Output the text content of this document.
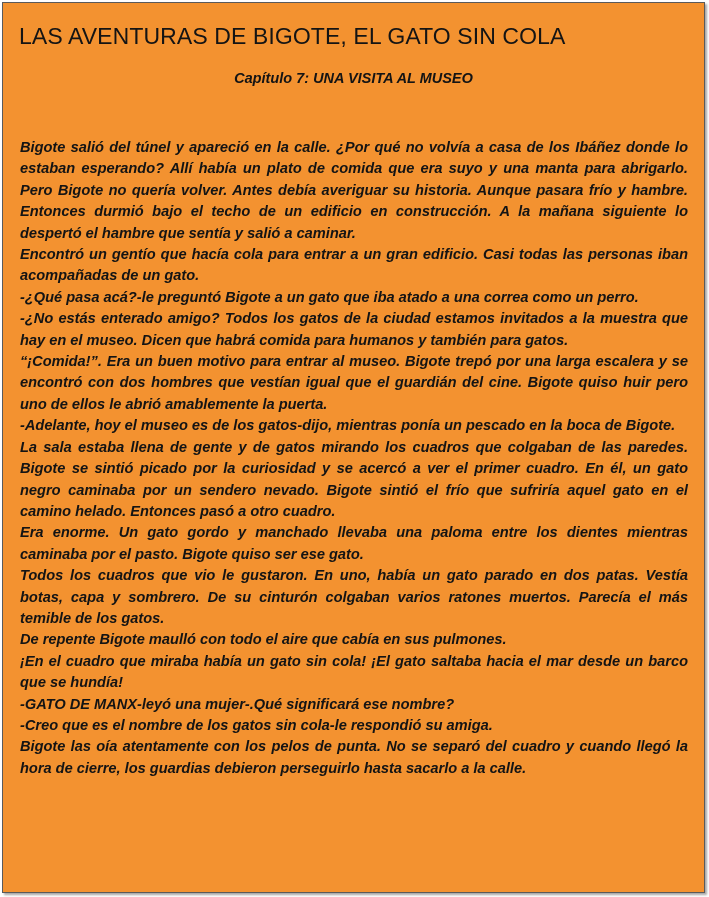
LAS AVENTURAS DE BIGOTE, EL GATO SIN COLA
Capítulo 7: UNA VISITA AL MUSEO

Bigote salió del túnel y apareció en la calle. ¿Por qué no volvía a casa de los Ibáñez donde lo estaban esperando? Allí había un plato de comida que era suyo y una manta para abrigarlo. Pero Bigote no quería volver. Antes debía averiguar su historia. Aunque pasara frío y hambre. Entonces durmió bajo el techo de un edificio en construcción. A la mañana siguiente lo despertó el hambre que sentía y salió a caminar.

Encontró un gentío que hacía cola para entrar a un gran edificio. Casi todas las personas iban acompañadas de un gato.

-¿Qué pasa acá?-le preguntó Bigote a un gato que iba atado a una correa como un perro.

-¿No estás enterado amigo? Todos los gatos de la ciudad estamos invitados a la muestra que hay en el museo. Dicen que habrá comida para humanos y también para gatos.

“¡Comida!”. Era un buen motivo para entrar al museo. Bigote trepó por una larga escalera y se encontró con dos hombres que vestían igual que el guardián del cine. Bigote quiso huir pero uno de ellos le abrió amablemente la puerta.

-Adelante, hoy el museo es de los gatos-dijo, mientras ponía un pescado en la boca de Bigote.

La sala estaba llena de gente y de gatos mirando los cuadros que colgaban de las paredes. Bigote se sintió picado por la curiosidad y se acercó a ver el primer cuadro. En él, un gato negro caminaba por un sendero nevado. Bigote sintió el frío que sufriría aquel gato en el camino helado. Entonces pasó a otro cuadro.

Era enorme. Un gato gordo y manchado llevaba una paloma entre los dientes mientras caminaba por el pasto. Bigote quiso ser ese gato.

Todos los cuadros que vio le gustaron. En uno, había un gato parado en dos patas. Vestía botas, capa y sombrero. De su cinturón colgaban varios ratones muertos. Parecía el más temible de los gatos.

De repente Bigote maulló con todo el aire que cabía en sus pulmones.

¡En el cuadro que miraba había un gato sin cola! ¡El gato saltaba hacia el mar desde un barco que se hundía!

-GATO DE MANX-leyó una mujer-.Qué significará ese nombre?

-Creo que es el nombre de los gatos sin cola-le respondió su amiga.

Bigote las oía atentamente con los pelos de punta. No se separó del cuadro y cuando llegó la hora de cierre, los guardias debieron perseguirlo hasta sacarlo a la calle.
